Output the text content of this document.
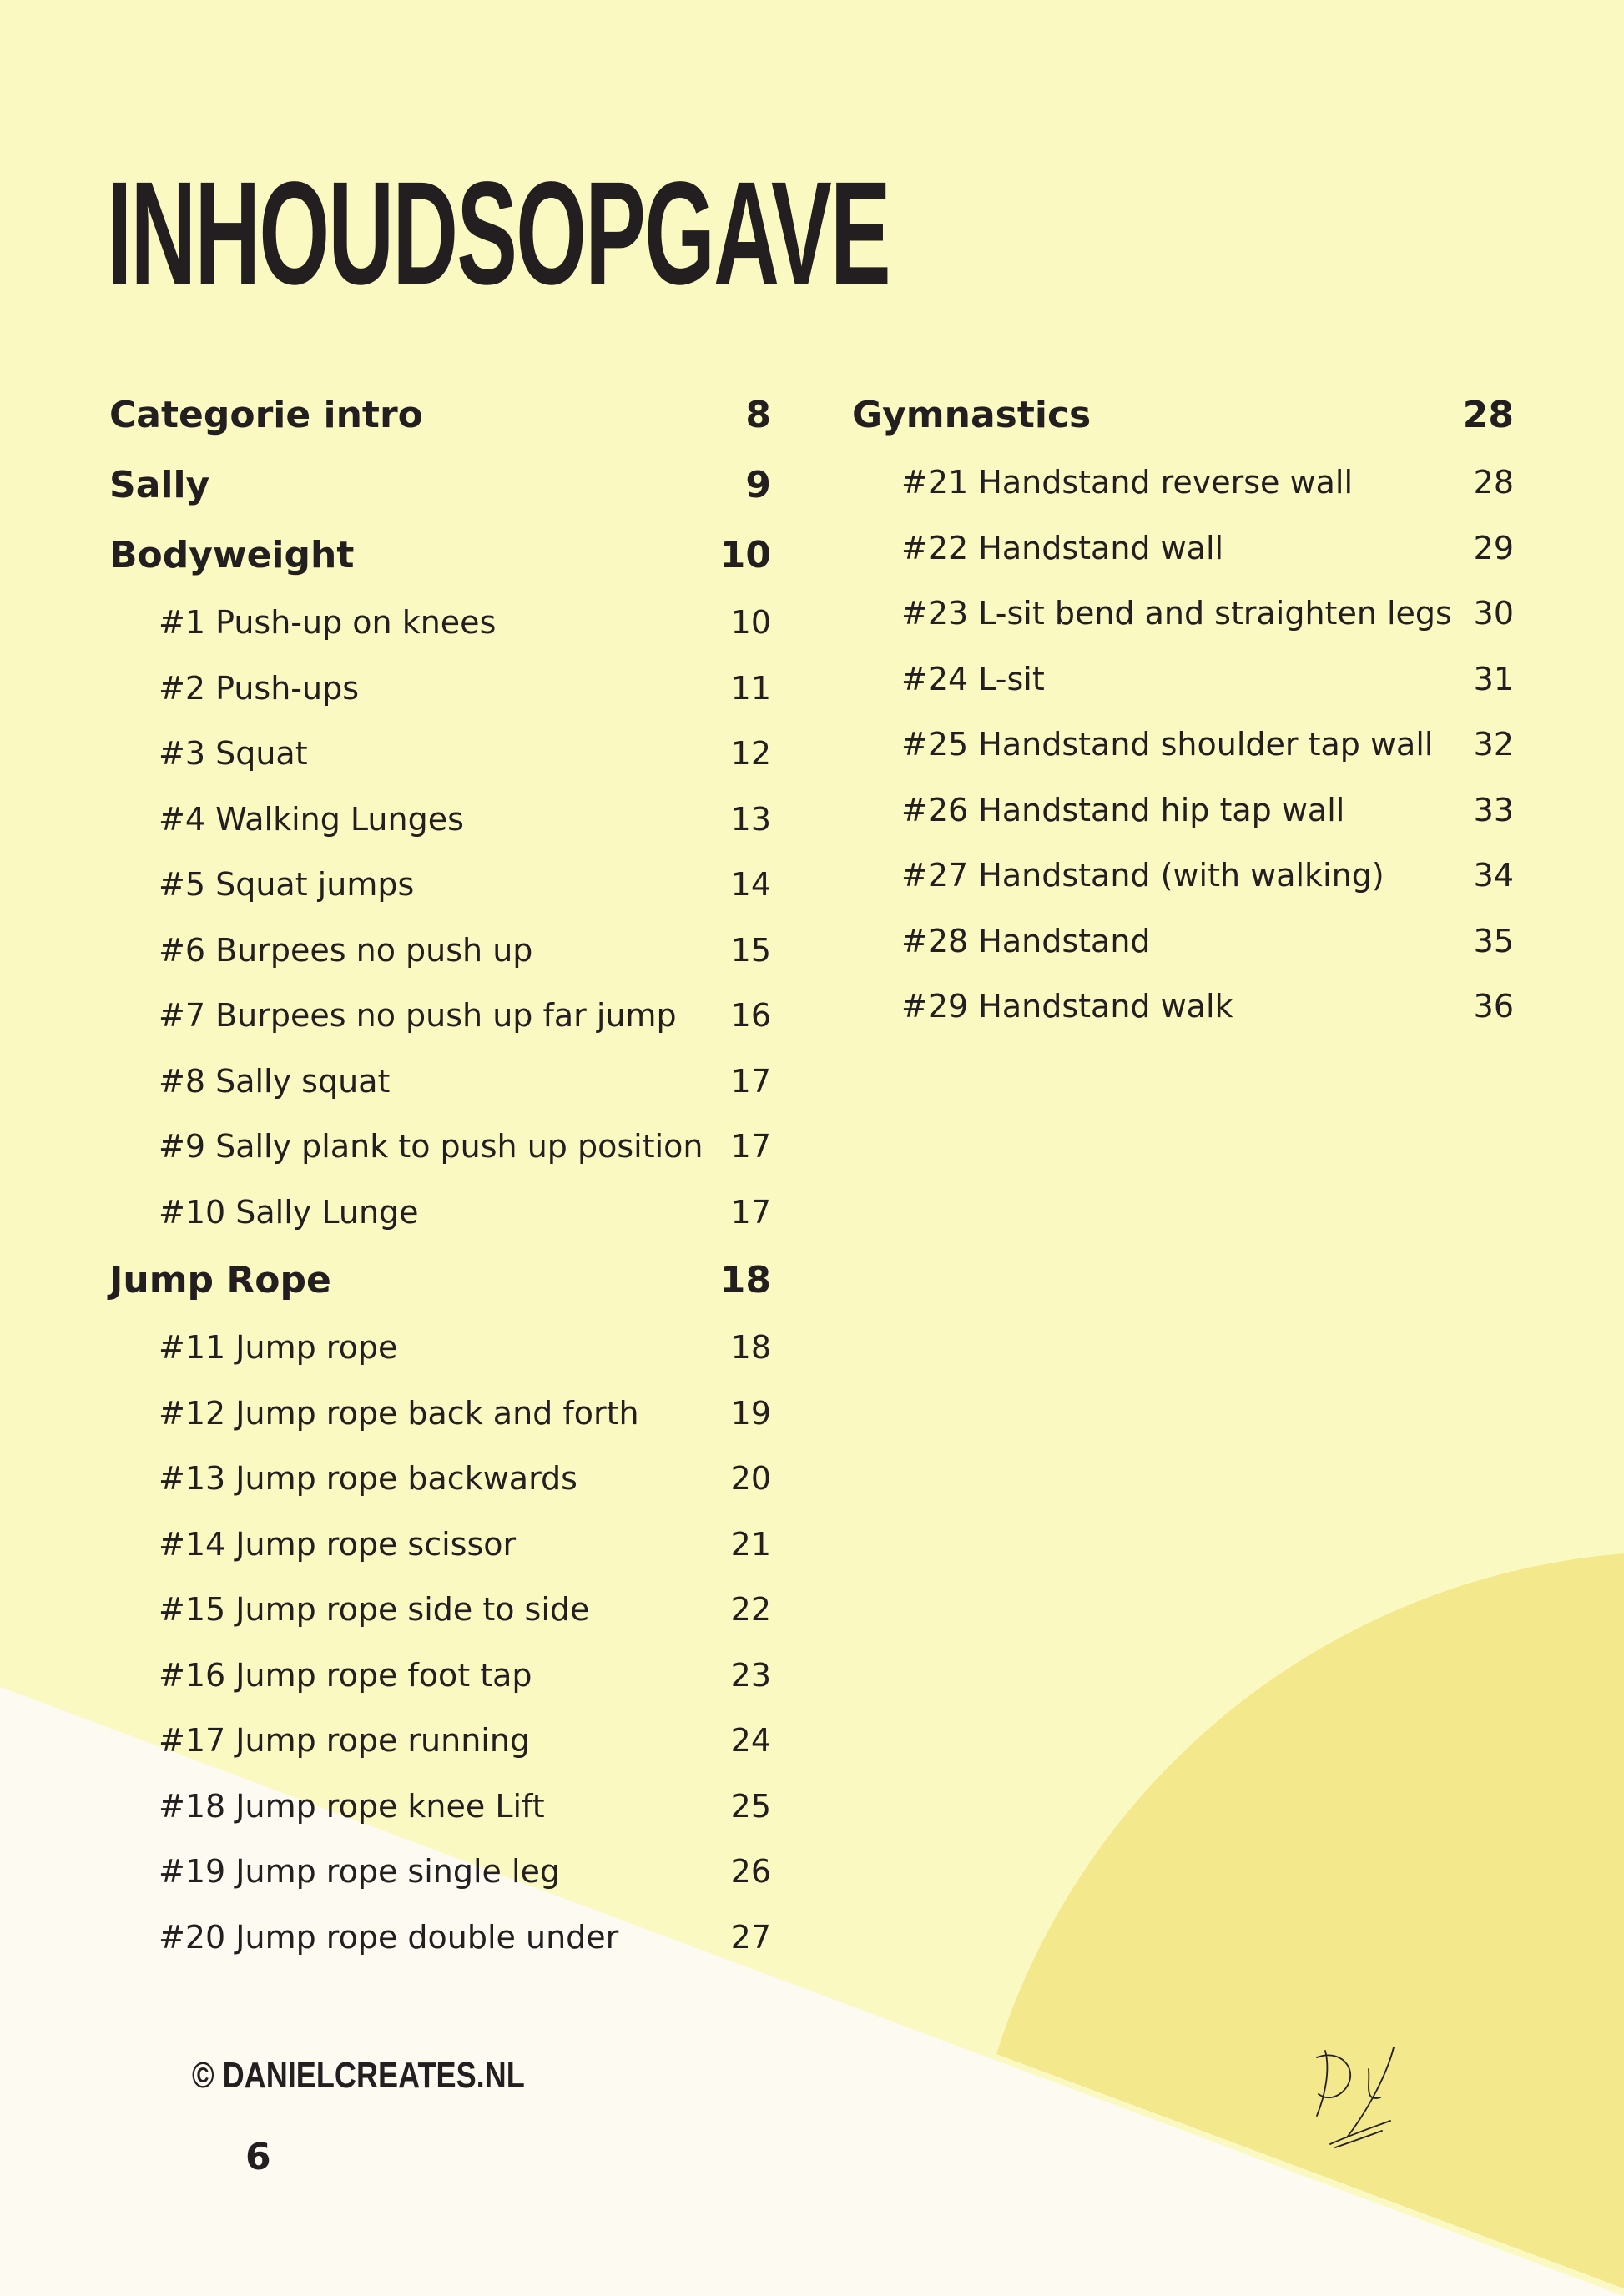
INHOUDSOPGAVE
Categorie intro	8
Sally	9
Bodyweight	10
#1 Push-up on knees	10
#2 Push-ups	11
#3 Squat	12
#4 Walking Lunges	13
#5 Squat jumps	14
#6 Burpees no push up	15
#7 Burpees no push up far jump 16
#8 Sally squat	17
#9 Sally plank to push up position 17
#10 Sally Lunge	17
Jump Rope	18
#11 Jump rope	18
#12 Jump rope back and forth	19
#13 Jump rope backwards	20
#14 Jump rope scissor	21
#15 Jump rope side to side	22
#16 Jump rope foot tap	23
#17 Jump rope running	24
#18 Jump rope knee Lift	25
#19 Jump rope single leg	26
#20 Jump rope double under	27
Gymnastics	28
#21 Handstand reverse wall	28
#22 Handstand wall	29
#23 L-sit bend and straighten legs 30
#24 L-sit	31
#25 Handstand shoulder tap wall 32
#26 Handstand hip tap wall	33
#27 Handstand (with walking)	34
#28 Handstand	35
#29 Handstand walk	36
© DANIELCREATES.NL
6
